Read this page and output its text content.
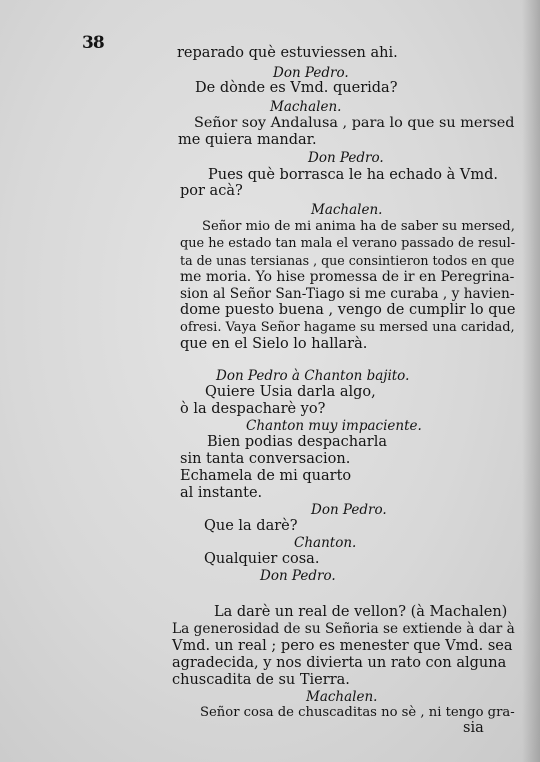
38	reparado què estuviessen ahi.
Don Pedro.
De dònde es Vmd. querida?
Machalen.
Señor soy Andalusa , para lo que su mersed
me quiera mandar.
Don Pedro.
Pues què borrasca le ha echado à Vmd.
por acà?
Machalen.
Señor mio de mi anima ha de saber su mersed,
que he estado tan mala el verano passado de resul-
ta de unas tersianas , que consintieron todos en que
me moria. Yo hise promessa de ir en Peregrina-
sion al Señor San-Tiago si me curaba , y havien-
dome puesto buena , vengo de cumplir lo que
ofresi. Vaya Señor hagame su mersed una caridad,
que en el Sielo lo hallarà.
Don Pedro à Chanton bajito.
Quiere Usia darla algo,
ò la despacharè yo?
Chanton muy impaciente.
Bien podias despacharla
sin tanta conversacion.
Echamela de mi quarto
al instante.
Don Pedro.
Que la darè?
Chanton.
Qualquier cosa.
Don Pedro.
La darè un real de vellon? (à Machalen)
La generosidad de su Señoria se extiende à dar à
Vmd. un real ; pero es menester que Vmd. sea
agradecida, y nos divierta un rato con alguna
chuscadita de su Tierra.
Machalen.
Señor cosa de chuscaditas no sè , ni tengo gra-
sia
